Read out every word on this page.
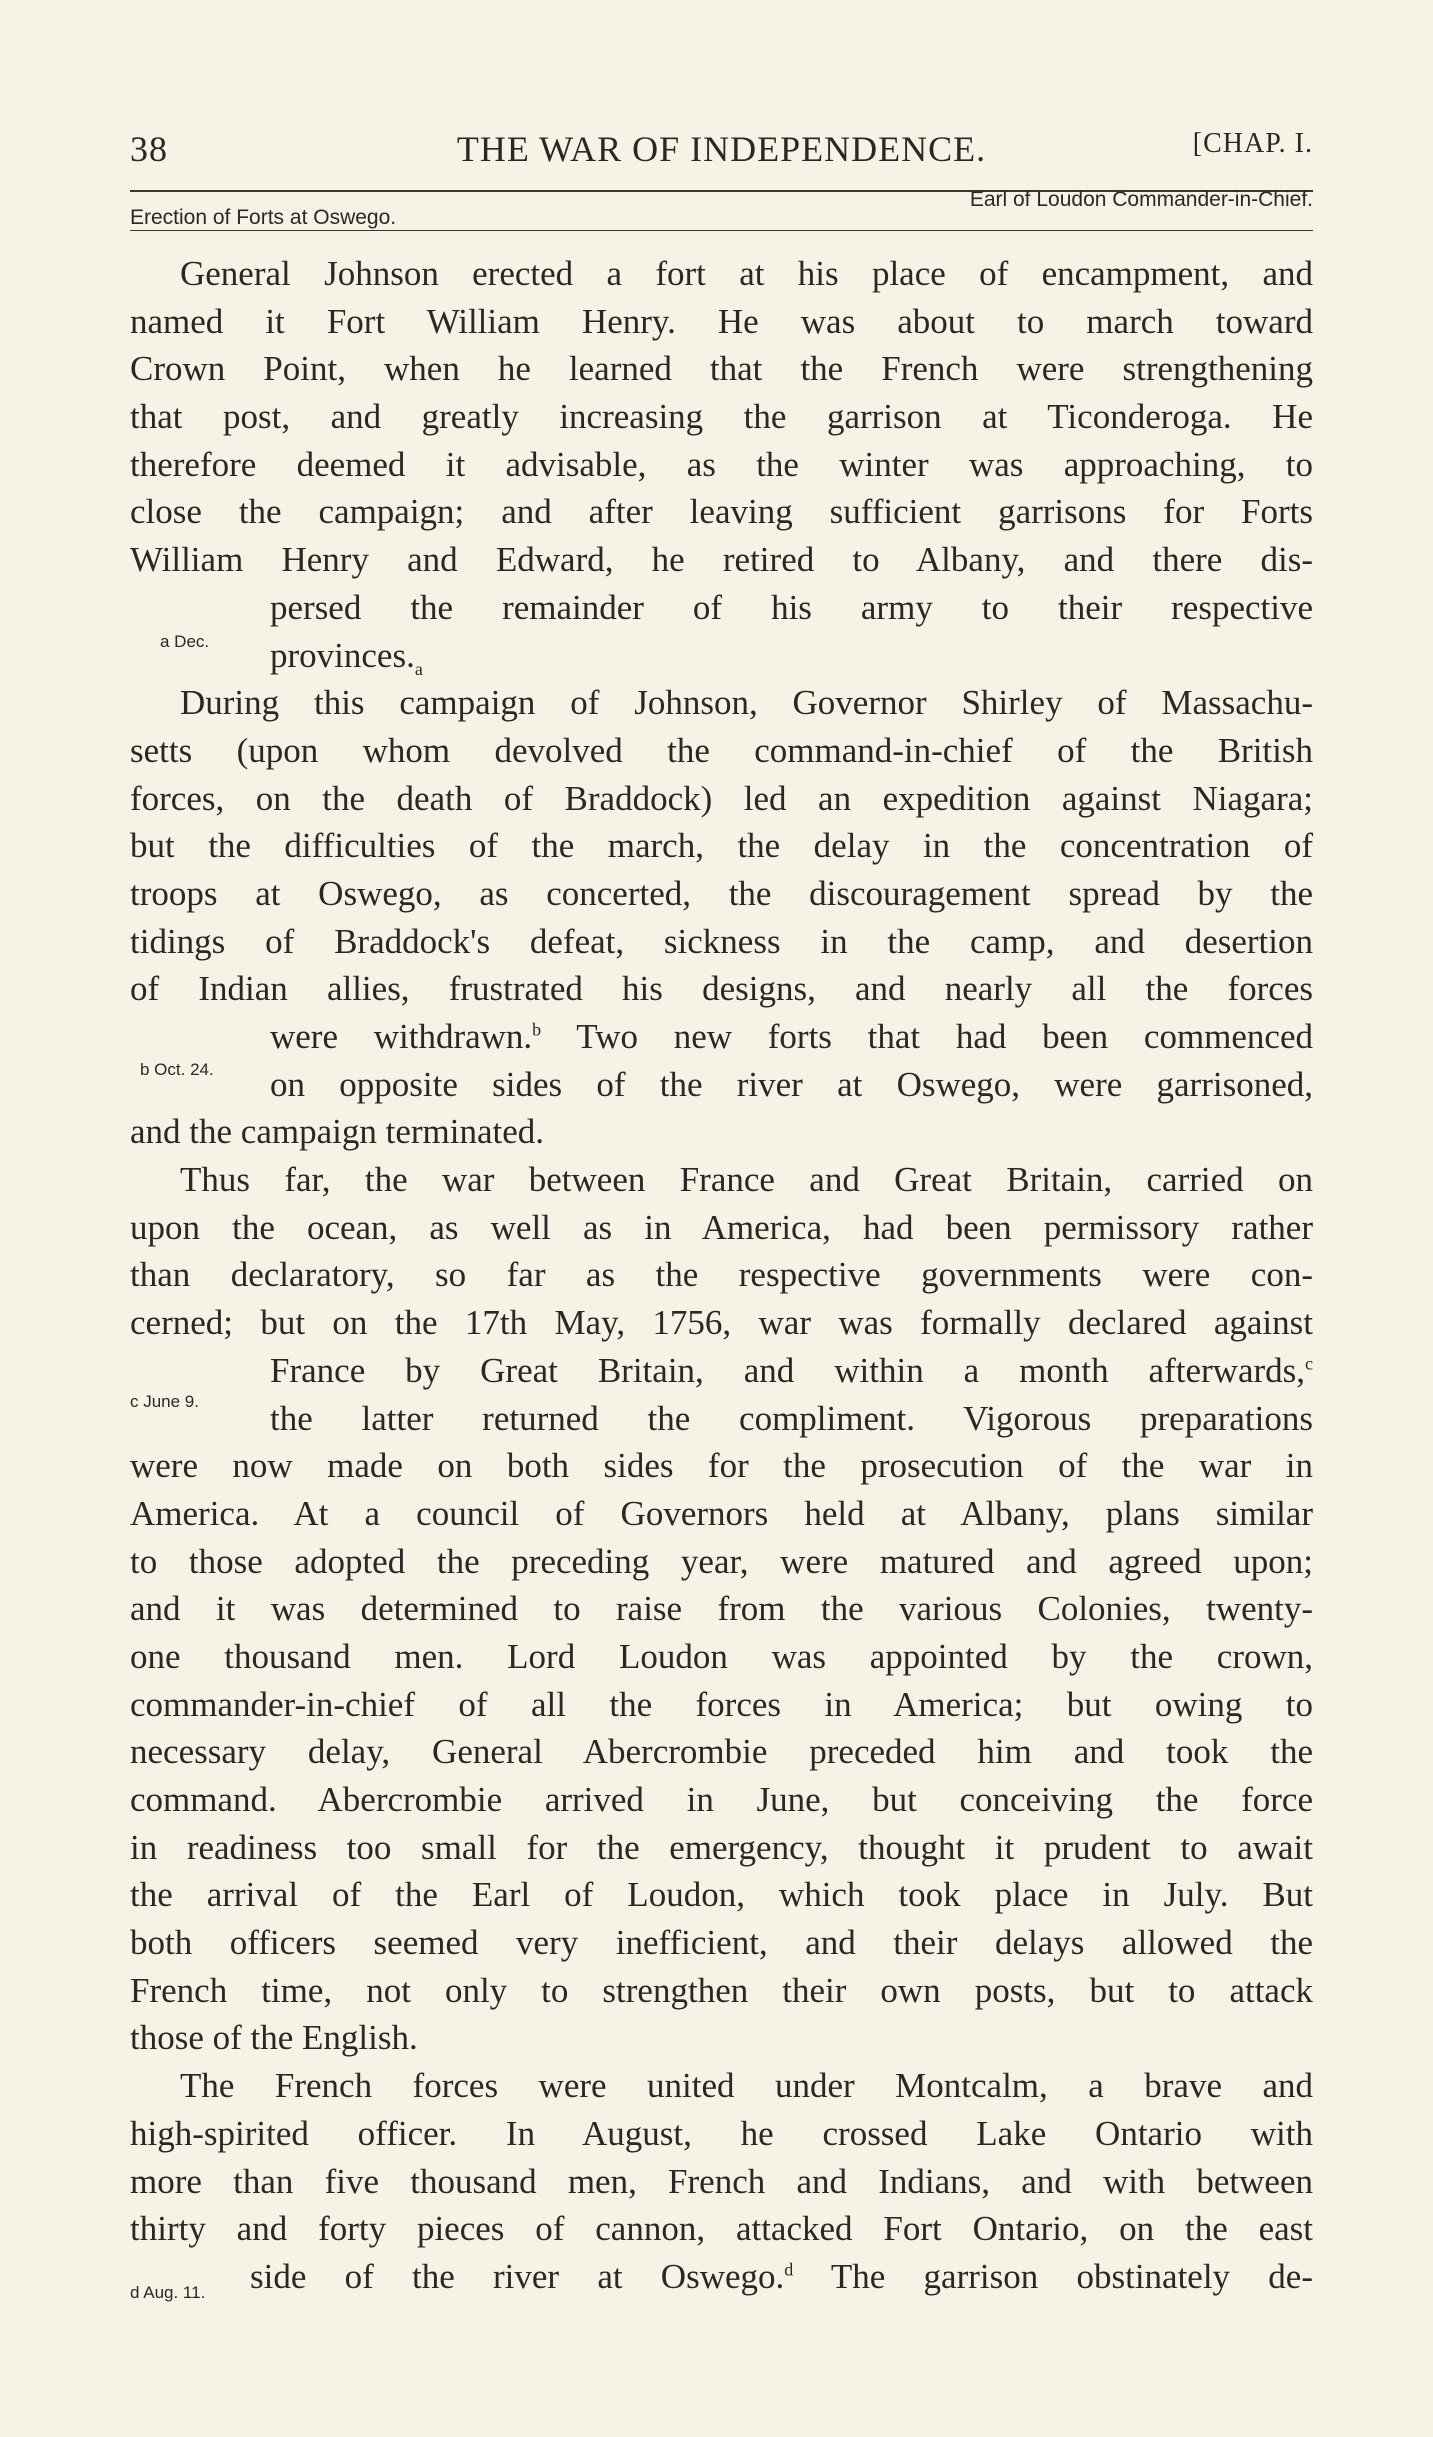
38	THE WAR OF INDEPENDENCE.	[CHAP. I.
Erection of Forts at Oswego.
Earl of Loudon Commander-in-Chief.
a Dec.
b Oct. 24.
c June 9.
d Aug. 11.
General Johnson erected a fort at his place of encampment, and
named it Fort William Henry. He was about to march toward
Crown Point, when he learned that the French were strengthening
that post, and greatly increasing the garrison at Ticonderoga. He
therefore deemed it advisable, as the winter was approaching, to
close the campaign; and after leaving sufficient garrisons for Forts
William Henry and Edward, he retired to Albany, and there dis-
persed the remainder of his army to their respective
$provinces._a$
During this campaign of Johnson, Governor Shirley of Massachu-
setts (upon whom devolved the command-in-chief of the British
forces, on the death of Braddock) led an expedition against Niagara;
but the difficulties of the march, the delay in the concentration of
troops at Oswego, as concerted, the discouragement spread by the
tidings of Braddock's defeat, sickness in the camp, and desertion
of Indian allies, frustrated his designs, and nearly all the forces
were withdrawn.$^b$ Two new forts that had been commenced
on opposite sides of the river at Oswego, were garrisoned,
and the campaign terminated.
Thus far, the war between France and Great Britain, carried on
upon the ocean, as well as in America, had been permissory rather
than declaratory, so far as the respective governments were con-
cerned; but on the 17th May, 1756, war was formally declared against
France by Great Britain, and within a month afterwards,$^c$
the latter returned the compliment. Vigorous preparations
were now made on both sides for the prosecution of the war in
America. At a council of Governors held at Albany, plans similar
to those adopted the preceding year, were matured and agreed upon;
and it was determined to raise from the various Colonies, twenty-
one thousand men. Lord Loudon was appointed by the crown,
commander-in-chief of all the forces in America; but owing to
necessary delay, General Abercrombie preceded him and took the
command. Abercrombie arrived in June, but conceiving the force
in readiness too small for the emergency, thought it prudent to await
the arrival of the Earl of Loudon, which took place in July. But
both officers seemed very inefficient, and their delays allowed the
French time, not only to strengthen their own posts, but to attack
those of the English.
The French forces were united under Montcalm, a brave and
high-spirited officer. In August, he crossed Lake Ontario with
more than five thousand men, French and Indians, and with between
thirty and forty pieces of cannon, attacked Fort Ontario, on the east
side of the river at Oswego.$^d$ The garrison obstinately de-
